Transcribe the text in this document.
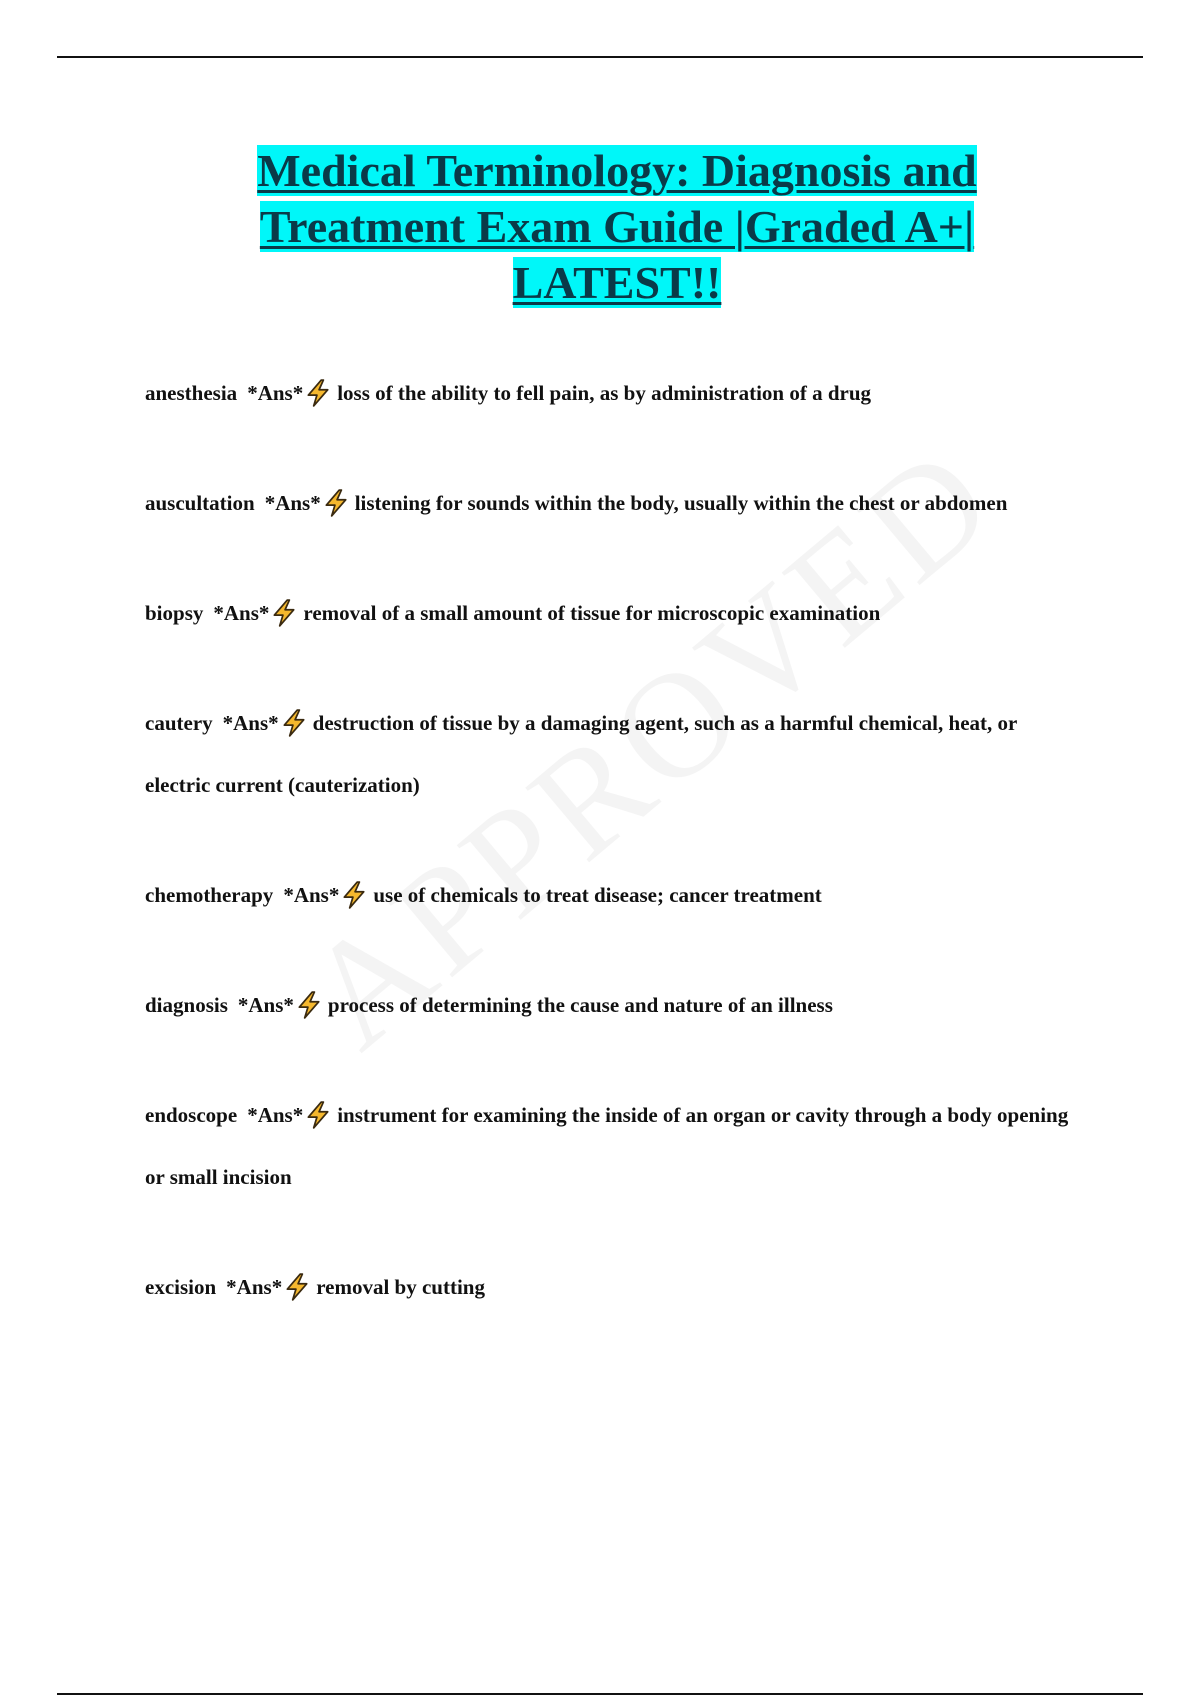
Medical Terminology: Diagnosis and Treatment Exam Guide |Graded A+| LATEST!!

anesthesia *Ans* loss of the ability to fell pain, as by administration of a drug

auscultation *Ans* listening for sounds within the body, usually within the chest or abdomen

biopsy *Ans* removal of a small amount of tissue for microscopic examination

cautery *Ans* destruction of tissue by a damaging agent, such as a harmful chemical, heat, or electric current (cauterization)

chemotherapy *Ans* use of chemicals to treat disease; cancer treatment

diagnosis *Ans* process of determining the cause and nature of an illness

endoscope *Ans* instrument for examining the inside of an organ or cavity through a body opening or small incision

excision *Ans* removal by cutting
